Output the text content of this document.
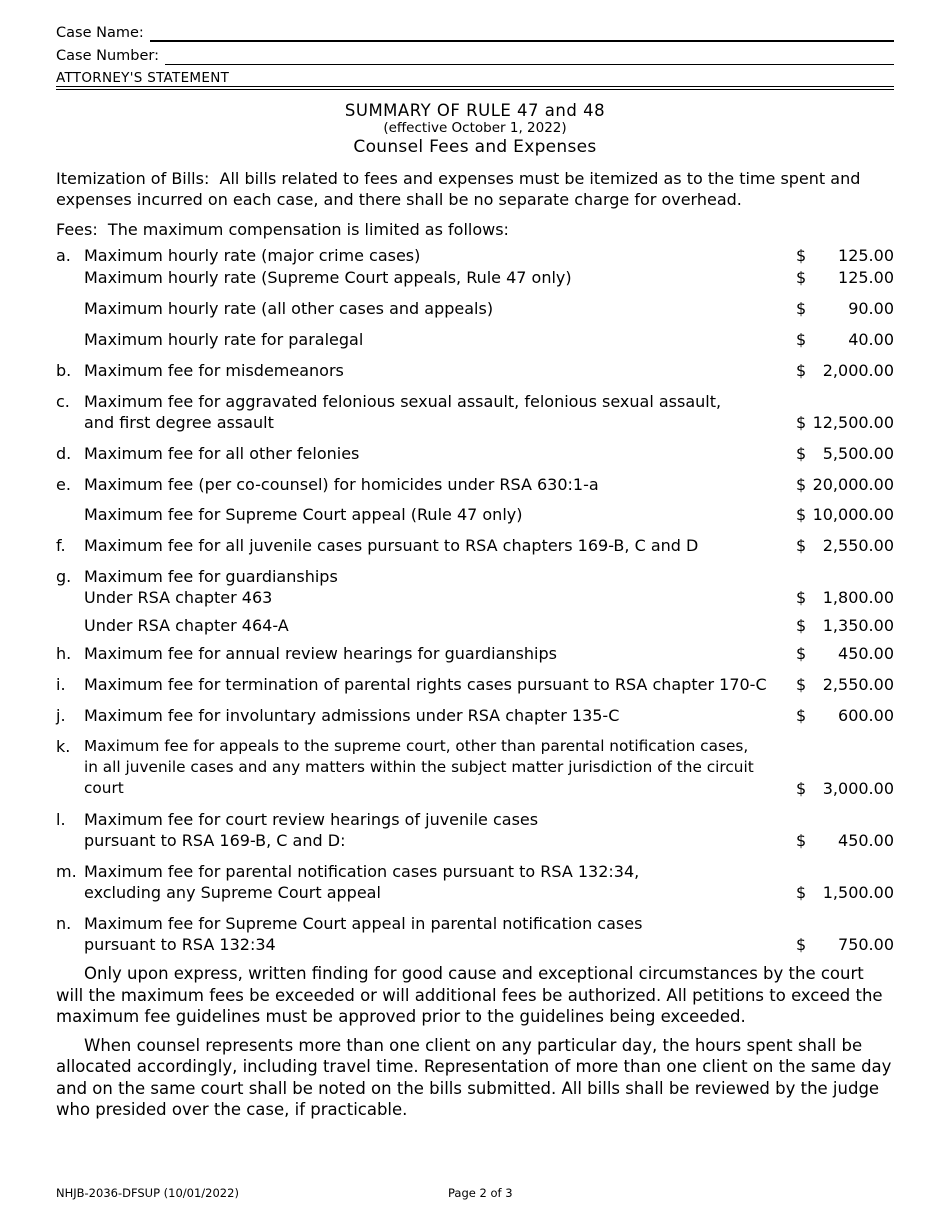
Case Name:
Case Number:
ATTORNEY'S STATEMENT
SUMMARY OF RULE 47 and 48
(effective October 1, 2022)
Counsel Fees and Expenses
Itemization of Bills: All bills related to fees and expenses must be itemized as to the time spent and expenses incurred on each case, and there shall be no separate charge for overhead.
Fees: The maximum compensation is limited as follows:
a. Maximum hourly rate (major crime cases)	$	125.00
Maximum hourly rate (Supreme Court appeals, Rule 47 only)	$	125.00
Maximum hourly rate (all other cases and appeals)	$	90.00
Maximum hourly rate for paralegal	$	40.00
b. Maximum fee for misdemeanors	$	2,000.00
c. Maximum fee for aggravated felonious sexual assault, felonious sexual assault,
and first degree assault	$ 12,500.00
d. Maximum fee for all other felonies	$	5,500.00
e. Maximum fee (per co-counsel) for homicides under RSA 630:1-a	$ 20,000.00
Maximum fee for Supreme Court appeal (Rule 47 only)	$ 10,000.00
f.	Maximum fee for all juvenile cases pursuant to RSA chapters 169-B, C and D	$	2,550.00
g. Maximum fee for guardianships
Under RSA chapter 463	$	1,800.00
Under RSA chapter 464-A	$	1,350.00
h. Maximum fee for annual review hearings for guardianships	$	450.00
i.	Maximum fee for termination of parental rights cases pursuant to RSA chapter 170-C	$	2,550.00
j.	Maximum fee for involuntary admissions under RSA chapter 135-C	$	600.00
k. Maximum fee for appeals to the supreme court, other than parental notification cases,
in all juvenile cases and any matters within the subject matter jurisdiction of the circuit court	$	3,000.00
l.	Maximum fee for court review hearings of juvenile cases
pursuant to RSA 169-B, C and D:	$	450.00
m. Maximum fee for parental notification cases pursuant to RSA 132:34,
excluding any Supreme Court appeal	$	1,500.00
n. Maximum fee for Supreme Court appeal in parental notification cases
pursuant to RSA 132:34	$	750.00
Only upon express, written finding for good cause and exceptional circumstances by the court will the maximum fees be exceeded or will additional fees be authorized. All petitions to exceed the maximum fee guidelines must be approved prior to the guidelines being exceeded.
When counsel represents more than one client on any particular day, the hours spent shall be allocated accordingly, including travel time. Representation of more than one client on the same day and on the same court shall be noted on the bills submitted. All bills shall be reviewed by the judge who presided over the case, if practicable.
NHJB-2036-DFSUP (10/01/2022)	Page 2 of 3
